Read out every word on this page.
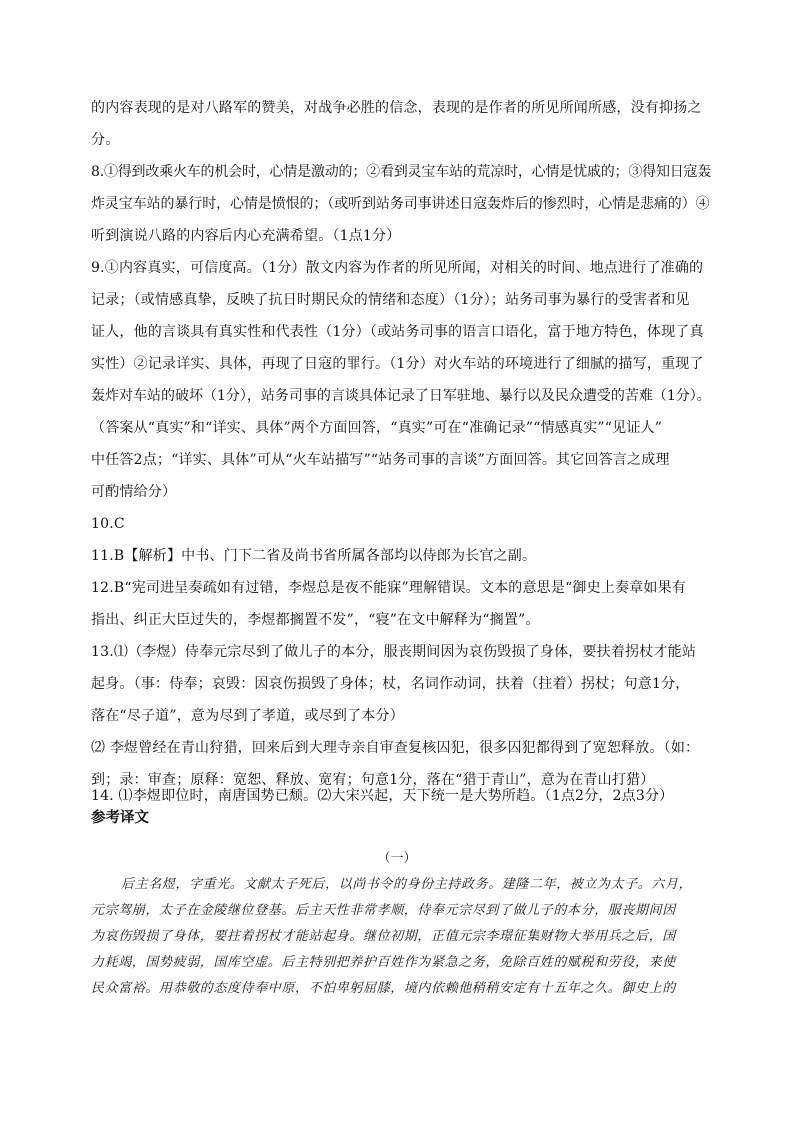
的内容表现的是对八路军的赞美，对战争必胜的信念，表现的是作者的所见所闻所感，没有抑扬之
分。
8.①得到改乘火车的机会时，心情是激动的；②看到灵宝车站的荒凉时，心情是忧戚的；③得知日寇轰
炸灵宝车站的暴行时，心情是愤恨的；（或听到站务司事讲述日寇轰炸后的惨烈时，心情是悲痛的）④
听到演说八路的内容后内心充满希望。（1点1分）
9.①内容真实，可信度高。（1分）散文内容为作者的所见所闻，对相关的时间、地点进行了准确的
记录；（或情感真挚，反映了抗日时期民众的情绪和态度）（1分）；站务司事为暴行的受害者和见
证人，他的言谈具有真实性和代表性（1分）（或站务司事的语言口语化，富于地方特色，体现了真
实性）②记录详实、具体，再现了日寇的罪行。（1分）对火车站的环境进行了细腻的描写，重现了
轰炸对车站的破坏（1分），站务司事的言谈具体记录了日军驻地、暴行以及民众遭受的苦难（1分）。
（答案从“真实”和“详实、具体”两个方面回答，“真实”可在“准确记录”“情感真实”“见证人”
中任答2点；“详实、具体”可从“火车站描写”“站务司事的言谈”方面回答。其它回答言之成理
可酌情给分）
10.C
11.B【解析】中书、门下二省及尚书省所属各部均以侍郎为长官之副。
12.B“宪司进呈奏疏如有过错，李煜总是夜不能寐”理解错误。文本的意思是“御史上奏章如果有
指出、纠正大臣过失的，李煜都搁置不发”，“寝”在文中解释为“搁置”。
13.⑴（李煜）侍奉元宗尽到了做儿子的本分，服丧期间因为哀伤毁损了身体，要扶着拐杖才能站
起身。（事：侍奉；哀毁：因哀伤损毁了身体；杖，名词作动词，扶着（拄着）拐杖；句意1分，
落在“尽子道”，意为尽到了孝道，或尽到了本分）
⑵ 李煜曾经在青山狩猎，回来后到大理寺亲自审查复核囚犯，很多囚犯都得到了宽恕释放。（如：
到；录：审查；原释：宽恕、释放、宽宥；句意1分，落在“猎于青山”，意为在青山打猎）
14. ⑴李煜即位时，南唐国势已颓。⑵大宋兴起，天下统一是大势所趋。（1点2分，2点3分）
参考译文
（一）
后主名煜，字重光。文献太子死后，以尚书令的身份主持政务。建隆二年，被立为太子。六月，
元宗驾崩，太子在金陵继位登基。后主天性非常孝顺，侍奉元宗尽到了做儿子的本分，服丧期间因
为哀伤毁损了身体，要拄着拐杖才能站起身。继位初期，正值元宗李璟征集财物大举用兵之后，国
力耗竭，国势疲弱，国库空虚。后主特别把养护百姓作为紧急之务，免除百姓的赋税和劳役，来使
民众富裕。用恭敬的态度侍奉中原，不怕卑躬屈膝，境内依赖他稍稍安定有十五年之久。御史上的
